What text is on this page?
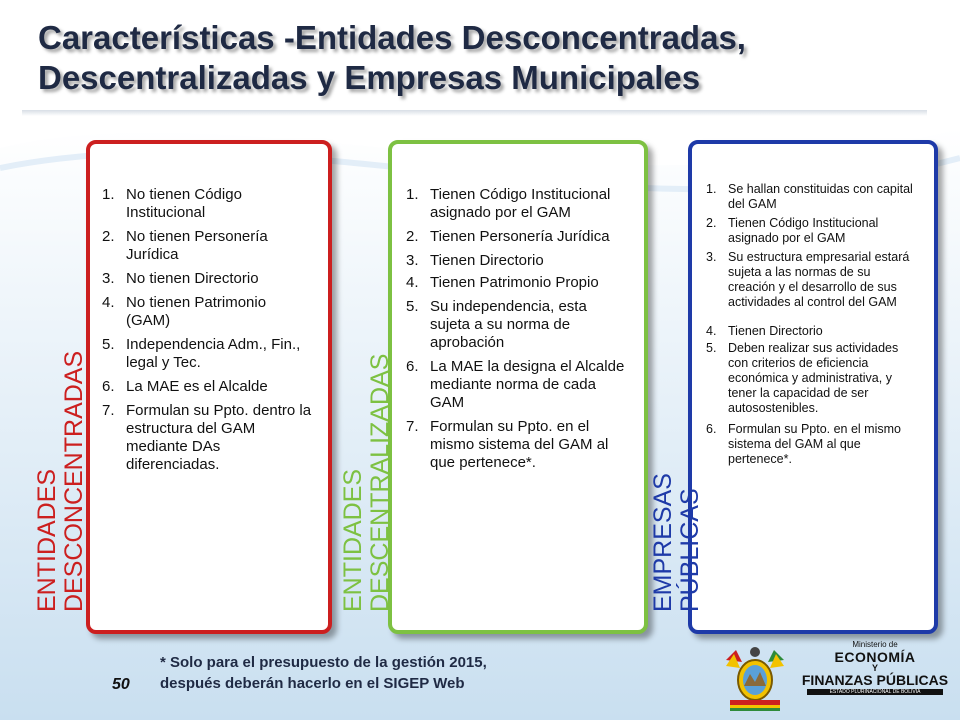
Características -Entidades Desconcentradas,
Descentralizadas y Empresas Municipales
1. No tienen Código Institucional
2. No tienen Personería Jurídica
3. No tienen Directorio
4. No tienen Patrimonio (GAM)
5. Independencia Adm., Fin., legal y Tec.
6. La MAE es el Alcalde
7. Formulan su Ppto. dentro la estructura del GAM mediante DAs diferenciadas.
ENTIDADES DESCONCENTRADAS
1. Tienen Código Institucional asignado por el GAM
2. Tienen Personería Jurídica
3. Tienen Directorio
4. Tienen Patrimonio Propio
5. Su independencia, esta sujeta a su norma de aprobación
6. La MAE la designa el Alcalde mediante norma de cada GAM
7. Formulan su Ppto. en el mismo sistema del GAM al que pertenece*.
ENTIDADES DESCENTRALIZADAS
1. Se hallan constituidas con capital del GAM
2. Tienen Código Institucional asignado por el GAM
3. Su estructura empresarial estará sujeta a las normas de su creación y el desarrollo de sus actividades al control del GAM
4. Tienen Directorio
5. Deben realizar sus actividades con criterios de eficiencia económica y administrativa, y tener la capacidad de ser autosostenibles.
6. Formulan su Ppto. en el mismo sistema del GAM al que pertenece*.
EMPRESAS PÚBLICAS
* Solo para el presupuesto de la gestión 2015,
después deberán hacerlo en el SIGEP Web
50
Ministerio de
ECONOMÍA
Y
FINANZAS PÚBLICAS
ESTADO PLURINACIONAL DE BOLIVIA
